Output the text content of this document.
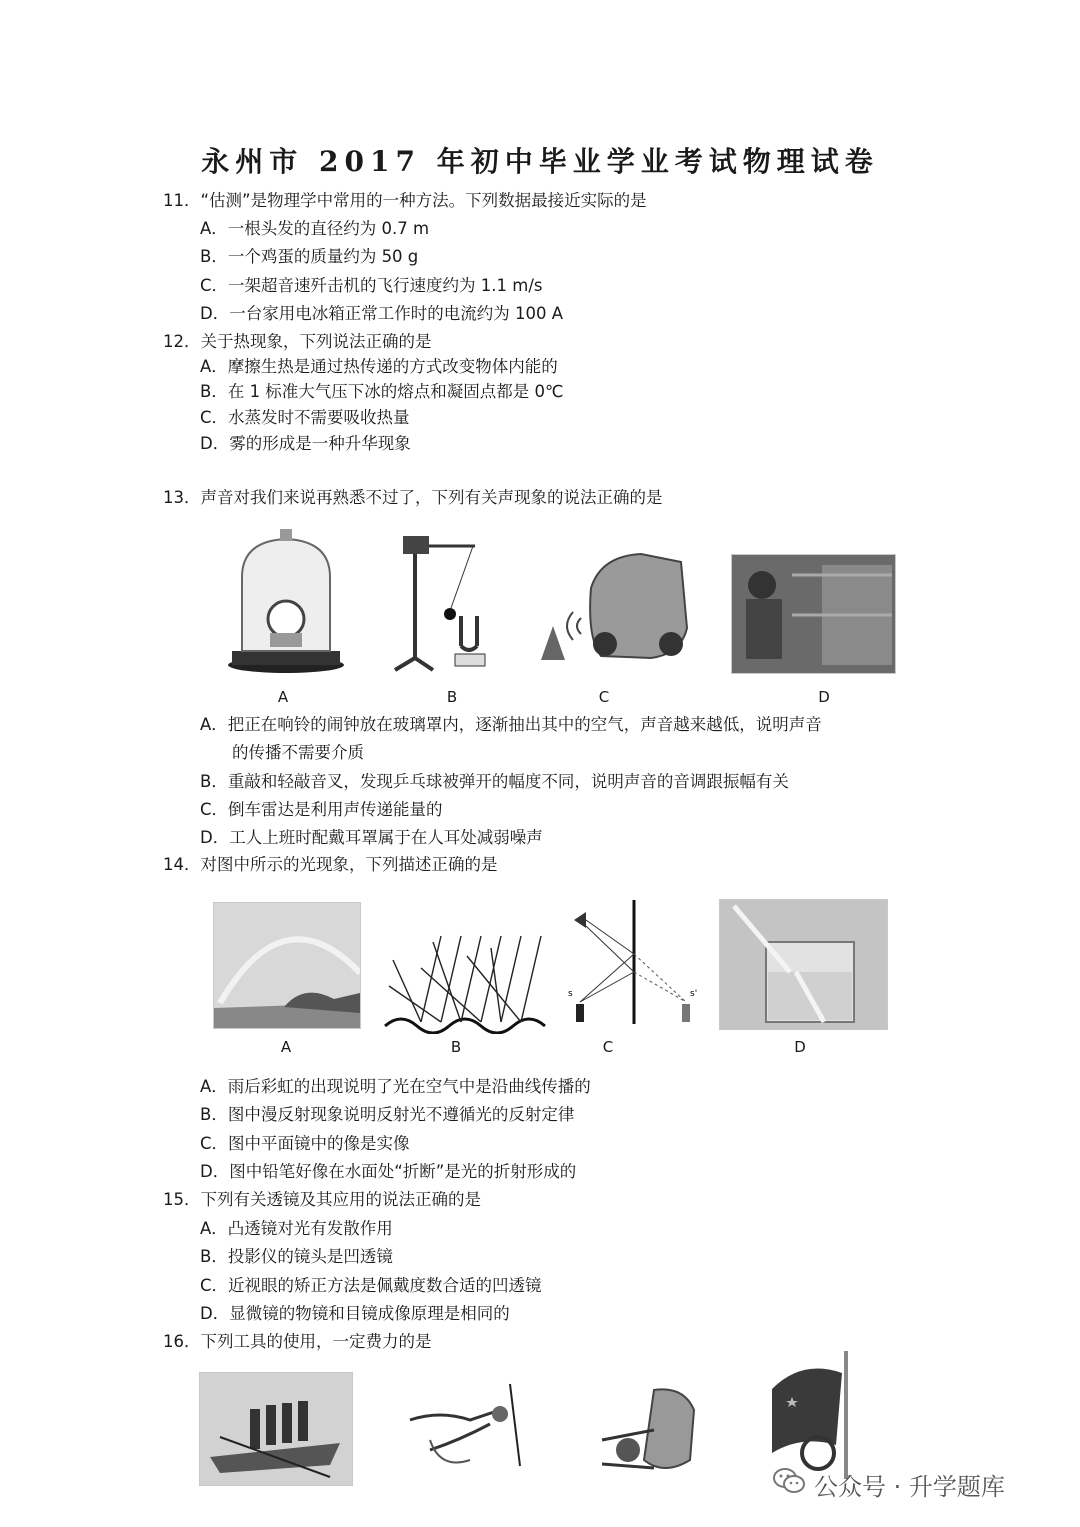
永州市 2017 年初中毕业学业考试物理试卷
11．“估测”是物理学中常用的一种方法。下列数据最接近实际的是
A．一根头发的直径约为 0.7 m
B．一个鸡蛋的质量约为 50 g
C．一架超音速歼击机的飞行速度约为 1.1 m/s
D．一台家用电冰箱正常工作时的电流约为 100 A
12．关于热现象，下列说法正确的是
A．摩擦生热是通过热传递的方式改变物体内能的
B．在 1 标准大气压下冰的熔点和凝固点都是 0℃
C．水蒸发时不需要吸收热量
D．雾的形成是一种升华现象
13．声音对我们来说再熟悉不过了，下列有关声现象的说法正确的是
A	B	C	D
A．把正在响铃的闹钟放在玻璃罩内，逐渐抽出其中的空气，声音越来越低，说明声音
的传播不需要介质
B．重敲和轻敲音叉，发现乒乓球被弹开的幅度不同，说明声音的音调跟振幅有关
C．倒车雷达是利用声传递能量的
D．工人上班时配戴耳罩属于在人耳处减弱噪声
14．对图中所示的光现象，下列描述正确的是
s	s'
A	B	C	D
A．雨后彩虹的出现说明了光在空气中是沿曲线传播的
B．图中漫反射现象说明反射光不遵循光的反射定律
C．图中平面镜中的像是实像
D．图中铅笔好像在水面处“折断”是光的折射形成的
15．下列有关透镜及其应用的说法正确的是
A．凸透镜对光有发散作用
B．投影仪的镜头是凹透镜
C．近视眼的矫正方法是佩戴度数合适的凹透镜
D．显微镜的物镜和目镜成像原理是相同的
16．下列工具的使用，一定费力的是
公众号 · 升学题库
